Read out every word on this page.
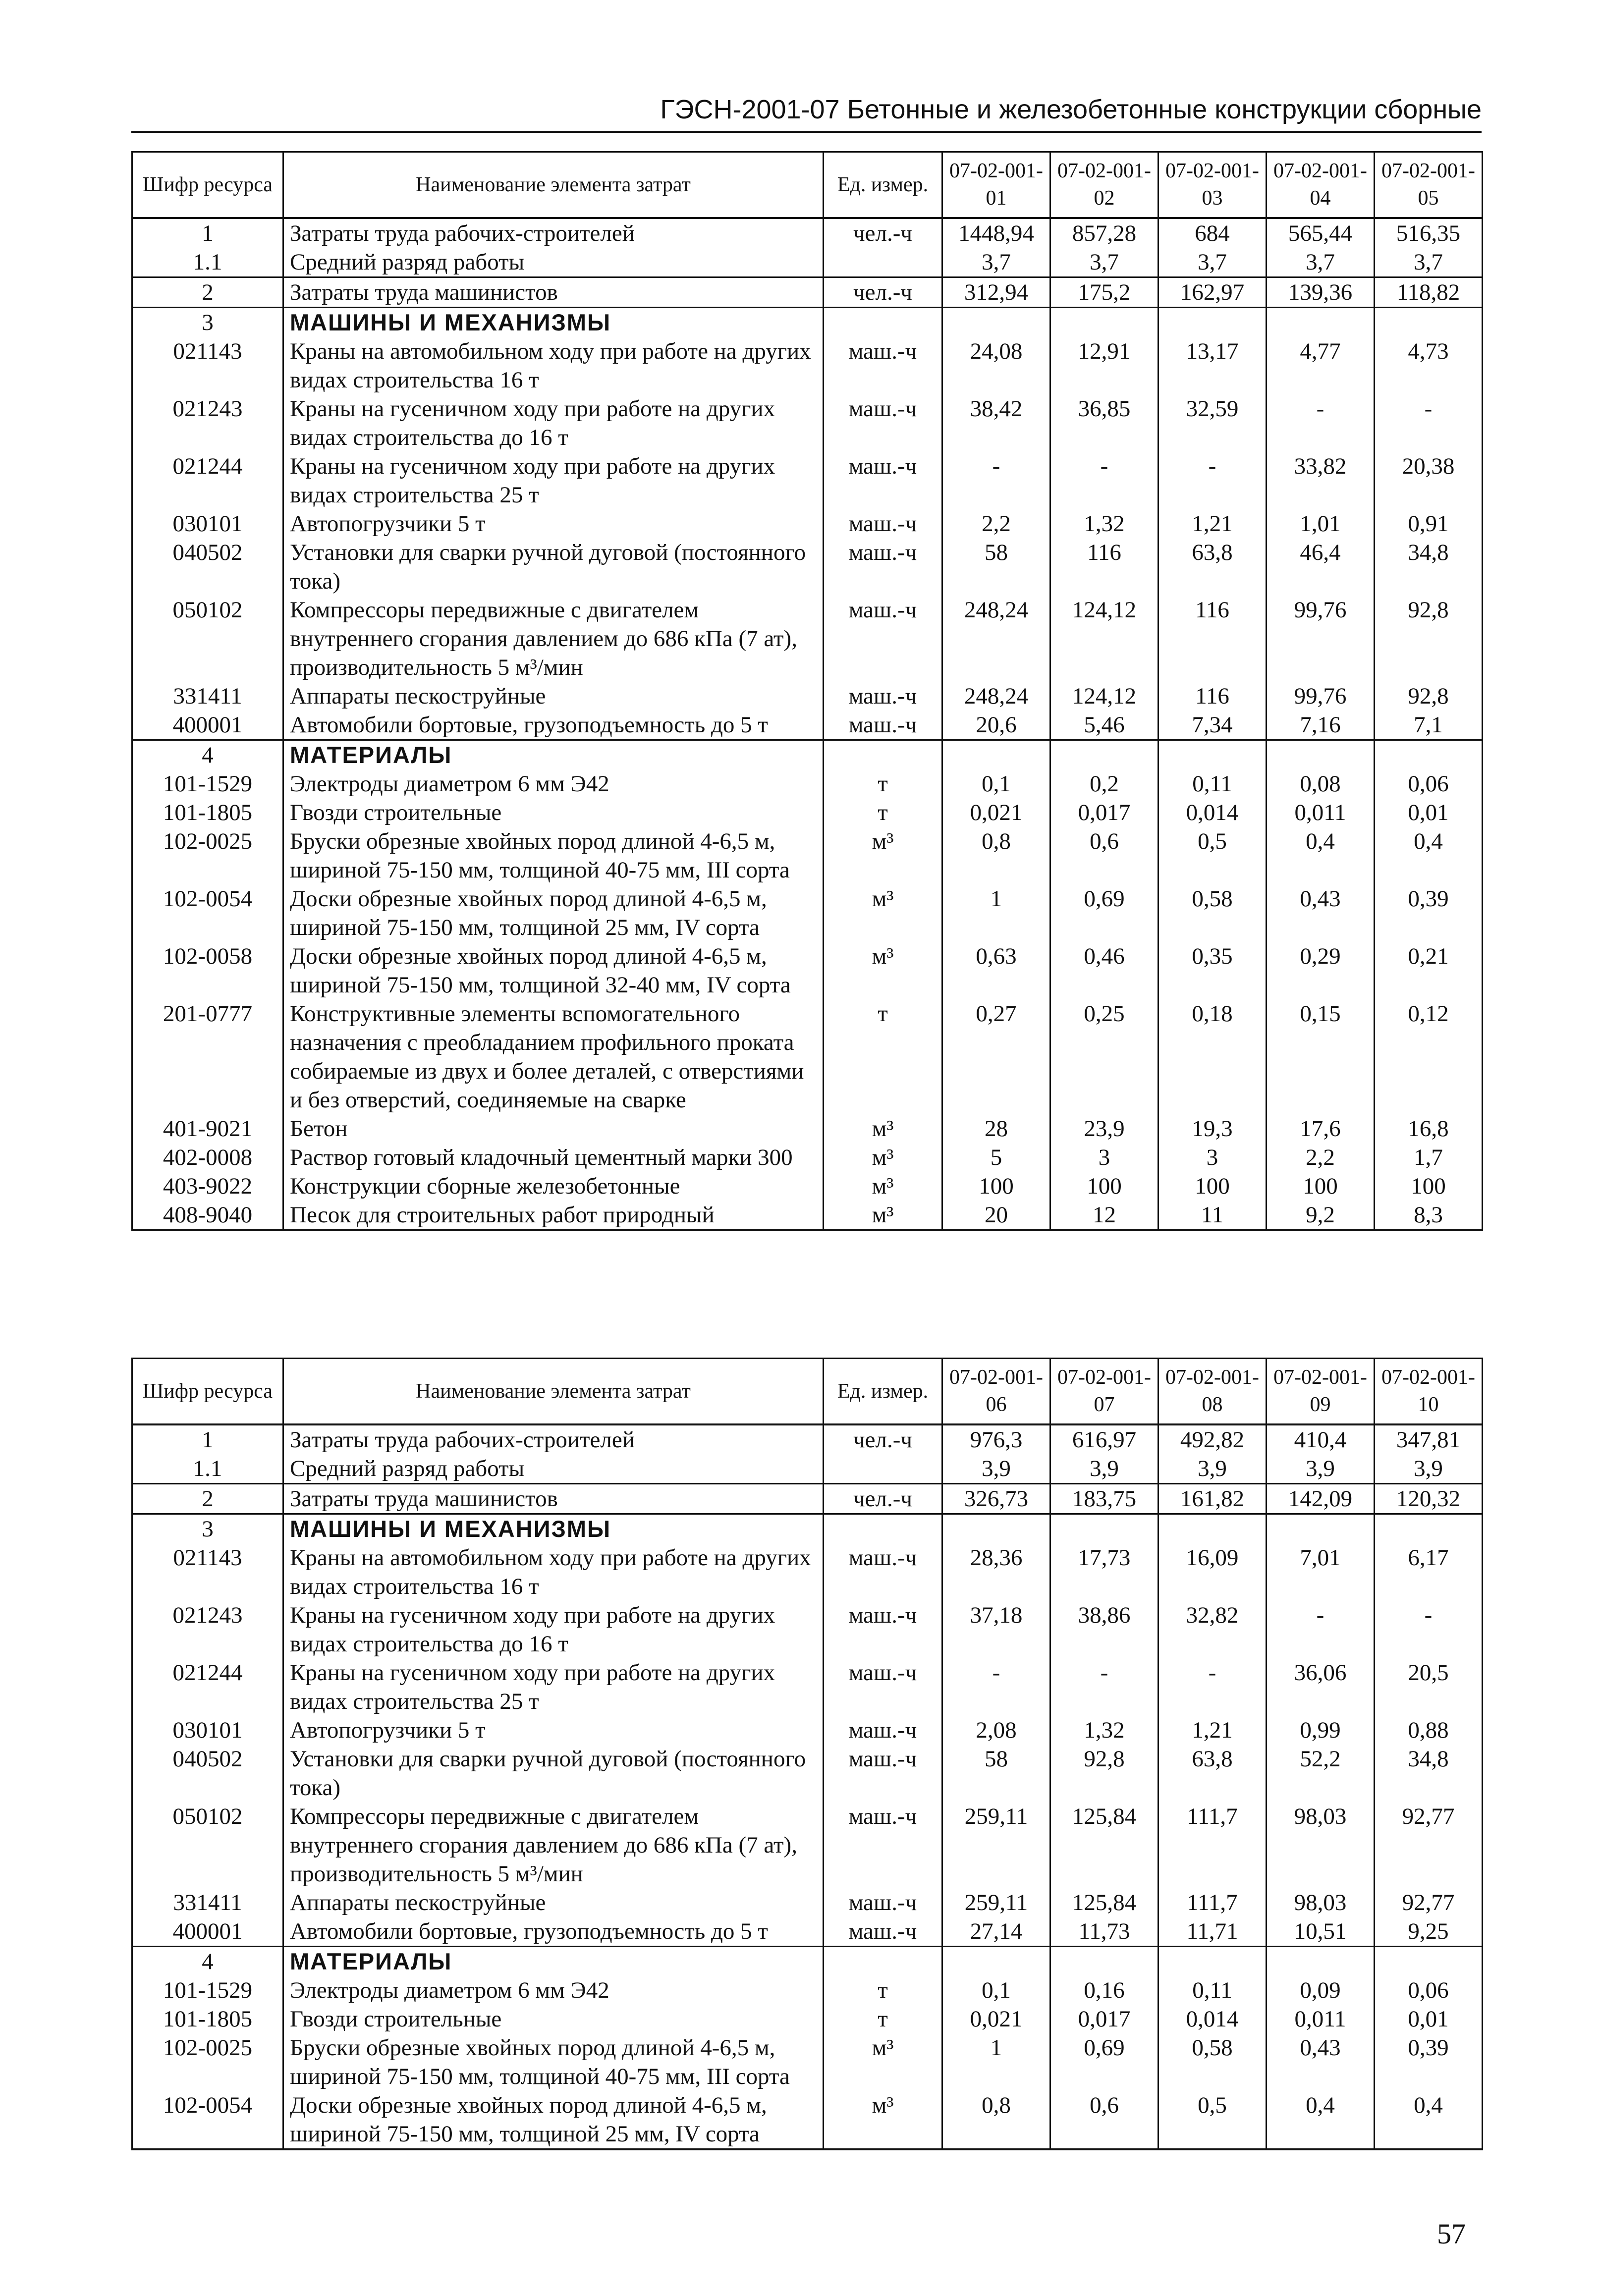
ГЭСН-2001-07 Бетонные и железобетонные конструкции сборные
Шифр ресурса	Наименование элемента затрат	Ед. измер.	07-02-001-01	07-02-001-02	07-02-001-03	07-02-001-04	07-02-001-05
1	Затраты труда рабочих-строителей	чел.-ч	1448,94	857,28	684	565,44	516,35
1.1	Средний разряд работы		3,7	3,7	3,7	3,7	3,7
2	Затраты труда машинистов	чел.-ч	312,94	175,2	162,97	139,36	118,82
3	МАШИНЫ И МЕХАНИЗМЫ						
021143	Краны на автомобильном ходу при работе на других видах строительства 16 т	маш.-ч	24,08	12,91	13,17	4,77	4,73
021243	Краны на гусеничном ходу при работе на других видах строительства до 16 т	маш.-ч	38,42	36,85	32,59	-	-
021244	Краны на гусеничном ходу при работе на других видах строительства 25 т	маш.-ч	-	-	-	33,82	20,38
030101	Автопогрузчики 5 т	маш.-ч	2,2	1,32	1,21	1,01	0,91
040502	Установки для сварки ручной дуговой (постоянного тока)	маш.-ч	58	116	63,8	46,4	34,8
050102	Компрессоры передвижные с двигателем внутреннего сгорания давлением до 686 кПа (7 ат), производительность 5 м³/мин	маш.-ч	248,24	124,12	116	99,76	92,8
331411	Аппараты пескоструйные	маш.-ч	248,24	124,12	116	99,76	92,8
400001	Автомобили бортовые, грузоподъемность до 5 т	маш.-ч	20,6	5,46	7,34	7,16	7,1
4	МАТЕРИАЛЫ						
101-1529	Электроды диаметром 6 мм Э42	т	0,1	0,2	0,11	0,08	0,06
101-1805	Гвозди строительные	т	0,021	0,017	0,014	0,011	0,01
102-0025	Бруски обрезные хвойных пород длиной 4-6,5 м, шириной 75-150 мм, толщиной 40-75 мм, III сорта	м³	0,8	0,6	0,5	0,4	0,4
102-0054	Доски обрезные хвойных пород длиной 4-6,5 м, шириной 75-150 мм, толщиной 25 мм, IV сорта	м³	1	0,69	0,58	0,43	0,39
102-0058	Доски обрезные хвойных пород длиной 4-6,5 м, шириной 75-150 мм, толщиной 32-40 мм, IV сорта	м³	0,63	0,46	0,35	0,29	0,21
201-0777	Конструктивные элементы вспомогательного назначения с преобладанием профильного проката собираемые из двух и более деталей, с отверстиями и без отверстий, соединяемые на сварке	т	0,27	0,25	0,18	0,15	0,12
401-9021	Бетон	м³	28	23,9	19,3	17,6	16,8
402-0008	Раствор готовый кладочный цементный марки 300	м³	5	3	3	2,2	1,7
403-9022	Конструкции сборные железобетонные	м³	100	100	100	100	100
408-9040	Песок для строительных работ природный	м³	20	12	11	9,2	8,3
Шифр ресурса	Наименование элемента затрат	Ед. измер.	07-02-001-06	07-02-001-07	07-02-001-08	07-02-001-09	07-02-001-10
1	Затраты труда рабочих-строителей	чел.-ч	976,3	616,97	492,82	410,4	347,81
1.1	Средний разряд работы		3,9	3,9	3,9	3,9	3,9
2	Затраты труда машинистов	чел.-ч	326,73	183,75	161,82	142,09	120,32
3	МАШИНЫ И МЕХАНИЗМЫ						
021143	Краны на автомобильном ходу при работе на других видах строительства 16 т	маш.-ч	28,36	17,73	16,09	7,01	6,17
021243	Краны на гусеничном ходу при работе на других видах строительства до 16 т	маш.-ч	37,18	38,86	32,82	-	-
021244	Краны на гусеничном ходу при работе на других видах строительства 25 т	маш.-ч	-	-	-	36,06	20,5
030101	Автопогрузчики 5 т	маш.-ч	2,08	1,32	1,21	0,99	0,88
040502	Установки для сварки ручной дуговой (постоянного тока)	маш.-ч	58	92,8	63,8	52,2	34,8
050102	Компрессоры передвижные с двигателем внутреннего сгорания давлением до 686 кПа (7 ат), производительность 5 м³/мин	маш.-ч	259,11	125,84	111,7	98,03	92,77
331411	Аппараты пескоструйные	маш.-ч	259,11	125,84	111,7	98,03	92,77
400001	Автомобили бортовые, грузоподъемность до 5 т	маш.-ч	27,14	11,73	11,71	10,51	9,25
4	МАТЕРИАЛЫ						
101-1529	Электроды диаметром 6 мм Э42	т	0,1	0,16	0,11	0,09	0,06
101-1805	Гвозди строительные	т	0,021	0,017	0,014	0,011	0,01
102-0025	Бруски обрезные хвойных пород длиной 4-6,5 м, шириной 75-150 мм, толщиной 40-75 мм, III сорта	м³	1	0,69	0,58	0,43	0,39
102-0054	Доски обрезные хвойных пород длиной 4-6,5 м, шириной 75-150 мм, толщиной 25 мм, IV сорта	м³	0,8	0,6	0,5	0,4	0,4
57
